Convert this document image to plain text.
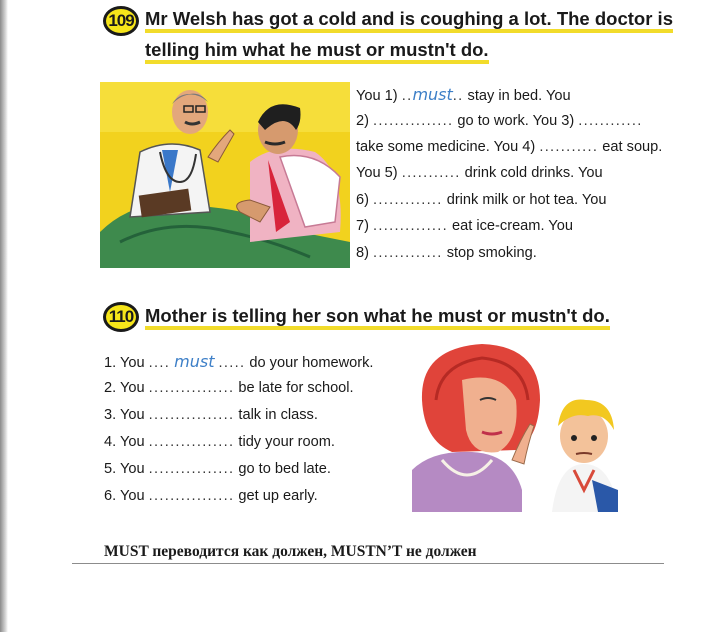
109 Mr Welsh has got a cold and is coughing a lot. The doctor is
telling him what he must or mustn't do.
You 1) ..must.. stay in bed. You
2) ............... go to work. You 3) ............
take some medicine. You 4) ........... eat soup.
You 5) ........... drink cold drinks. You
6) ............. drink milk or hot tea. You
7) .............. eat ice-cream. You
8) ............. stop smoking.
110 Mother is telling her son what he must or mustn't do.
1. You .... must ..... do your homework.
2. You ................ be late for school.
3. You ................ talk in class.
4. You ................ tidy your room.
5. You ................ go to bed late.
6. You ................ get up early.
MUST переводится как должен, MUSTN’T не должен
